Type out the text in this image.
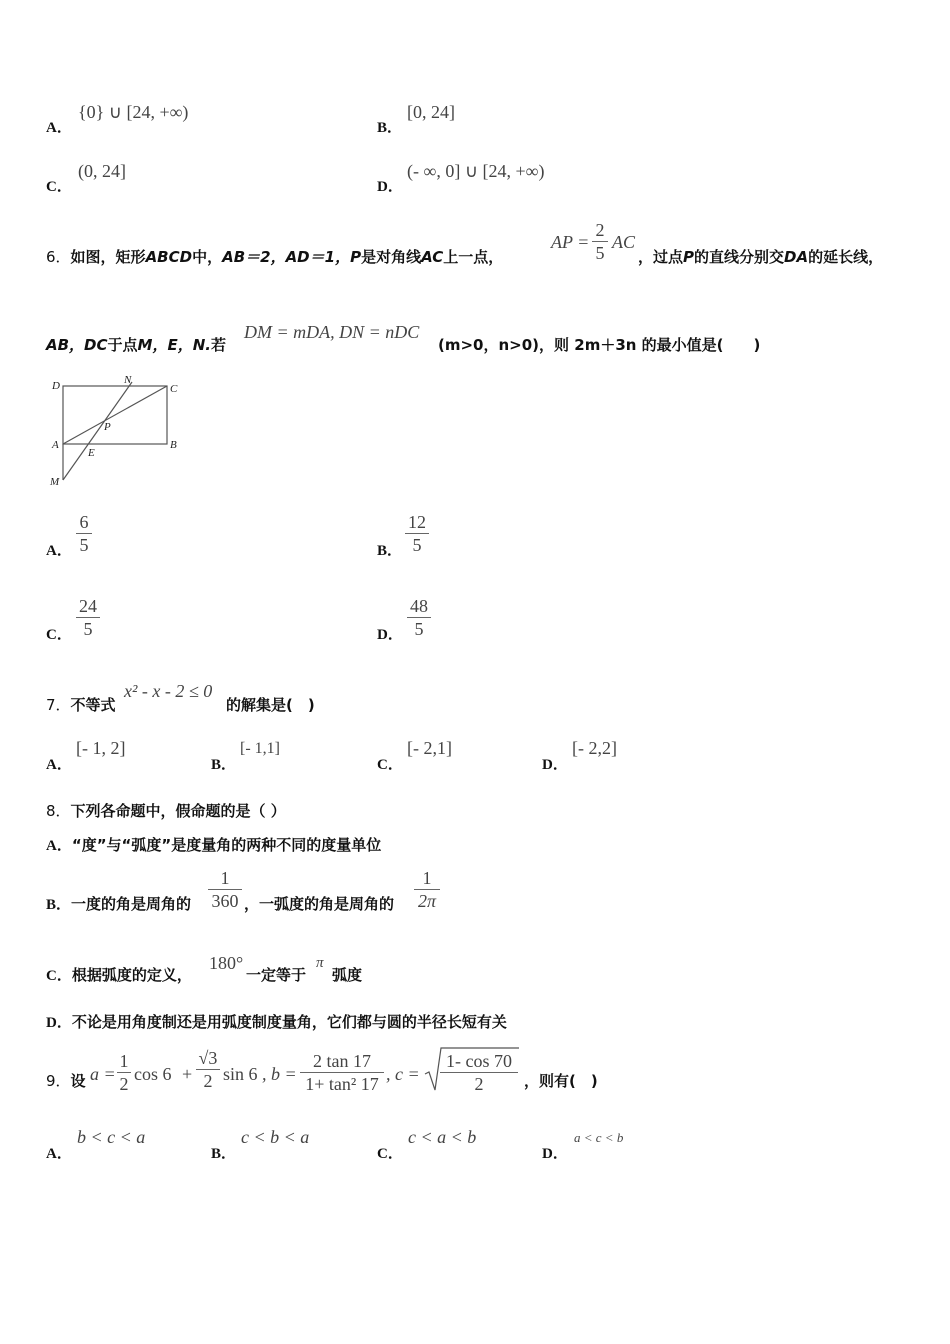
A．
{0} ∪ [24, +∞)
B．
[0, 24]
C．
(0, 24]
D．
(- ∞, 0] ∪ [24, +∞)
6．如图，矩形ABCD中，AB＝2，AD＝1，P是对角线AC上一点，
AP =
2
5
AC
，过点P的直线分别交DA的延长线，
AB，DC于点M，E，N.若
DM = mDA, DN = nDC
(m>0，n>0)，则 2m＋3n 的最小值是(　　)
D	N
C
P
A	B
E
M
A．
6
5	B．
12
5
C．
24
5	D．
48
5
7．不等式
x² - x - 2 ≤ 0
的解集是(　)
A．
[- 1, 2]
B．
[- 1,1]
C．
[- 2,1]
D．
[- 2,2]
8．下列各命题中，假命题的是（ ）
A．“度”与“弧度”是度量角的两种不同的度量单位
B．一度的角是周角的
1
360 ，一弧度的角是周角的
1
2π
C．根据弧度的定义，
180°
一定等于
π
弧度
D．不论是用角度制还是用弧度制度量角，它们都与圆的半径长短有关
9．设 a =
1
2 cos 6 +
√3
2 sin 6 , b =
2 tan 17
1+ tan² 17 , c =
1- cos 70
2	，则有(　)
A．
b < c < a
B．
c < b < a
C．
c < a < b
D．
a < c < b
